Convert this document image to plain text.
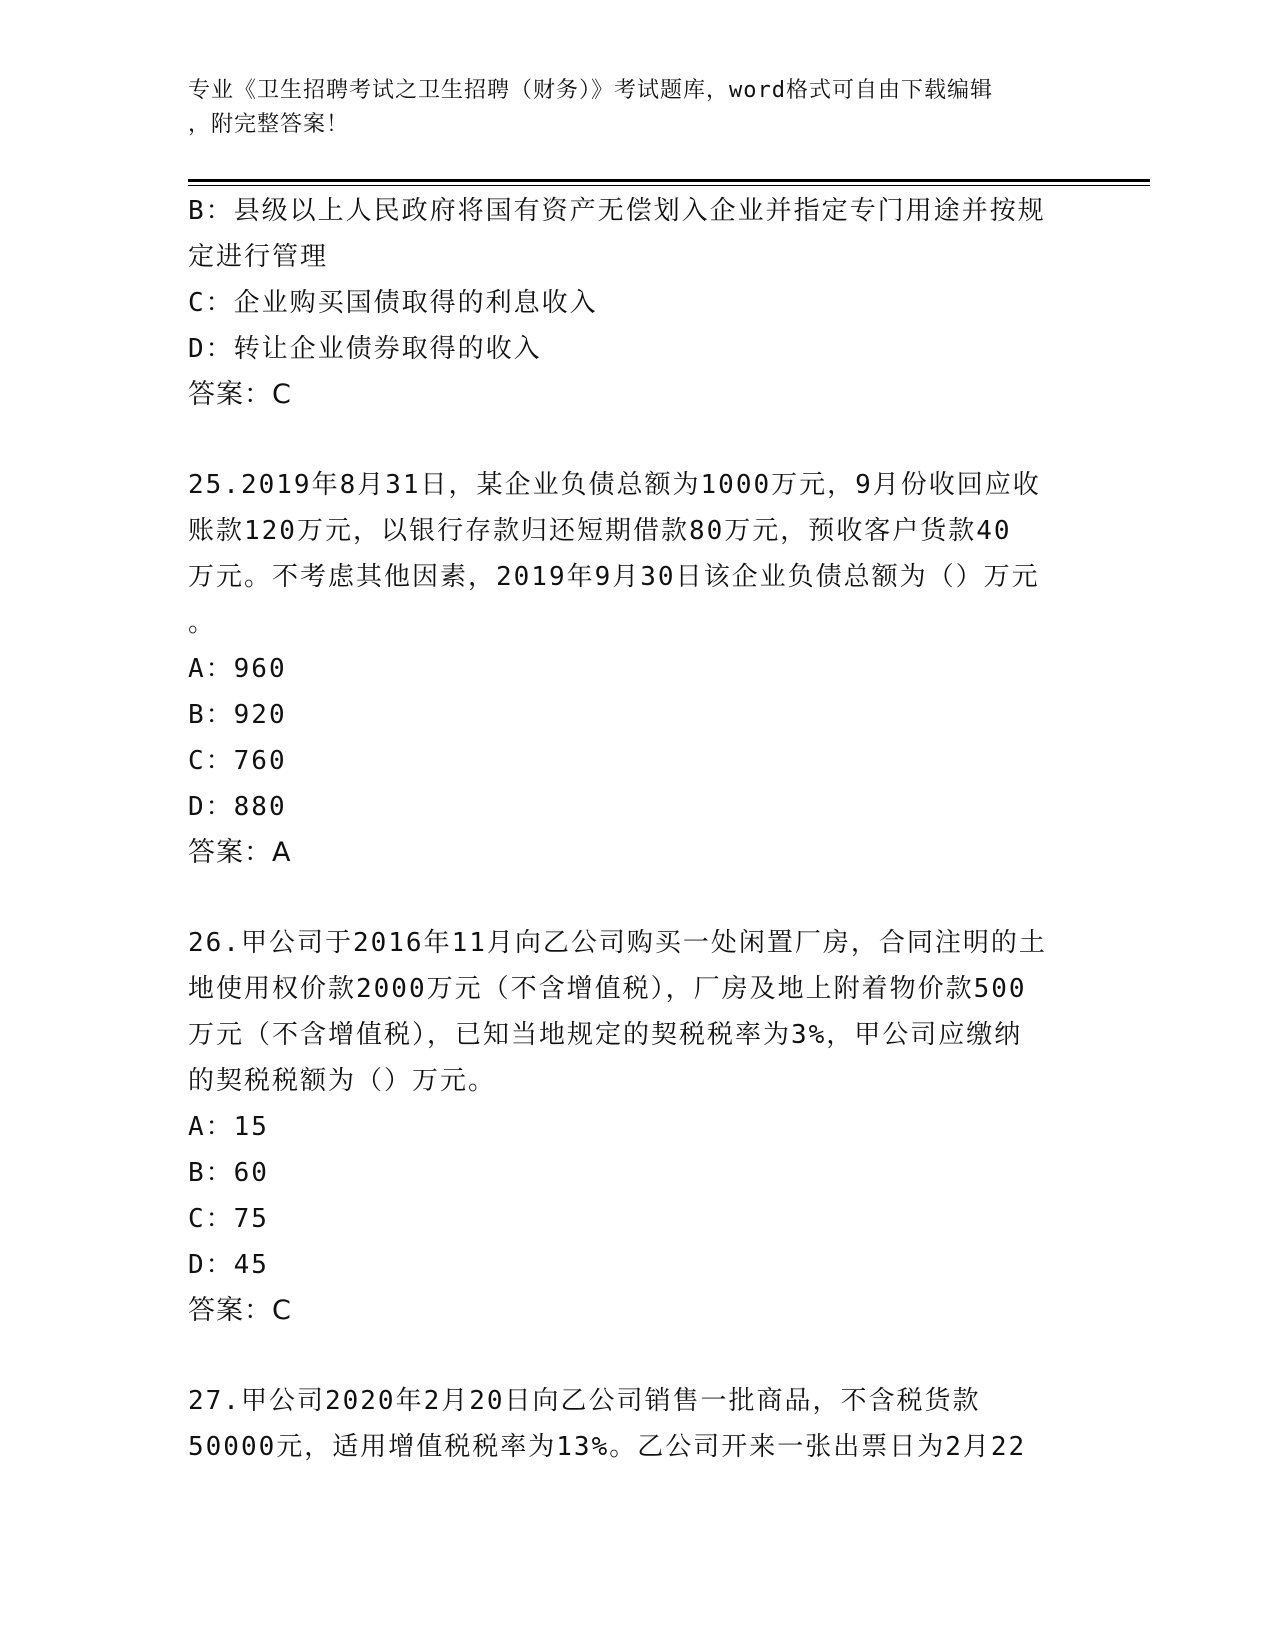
专业《卫生招聘考试之卫生招聘（财务）》考试题库，word格式可自由下载编辑
，附完整答案！
B：县级以上人民政府将国有资产无偿划入企业并指定专门用途并按规
定进行管理
C：企业购买国债取得的利息收入
D：转让企业债券取得的收入
答案：C
25.2019年8月31日，某企业负债总额为1000万元，9月份收回应收
账款120万元，以银行存款归还短期借款80万元，预收客户货款40
万元。不考虑其他因素，2019年9月30日该企业负债总额为（）万元
。
A：960
B：920
C：760
D：880
答案：A
26.甲公司于2016年11月向乙公司购买一处闲置厂房，合同注明的土
地使用权价款2000万元（不含增值税），厂房及地上附着物价款500
万元（不含增值税），已知当地规定的契税税率为3%，甲公司应缴纳
的契税税额为（）万元。
A：15
B：60
C：75
D：45
答案：C
27.甲公司2020年2月20日向乙公司销售一批商品，不含税货款
50000元，适用增值税税率为13%。乙公司开来一张出票日为2月22
